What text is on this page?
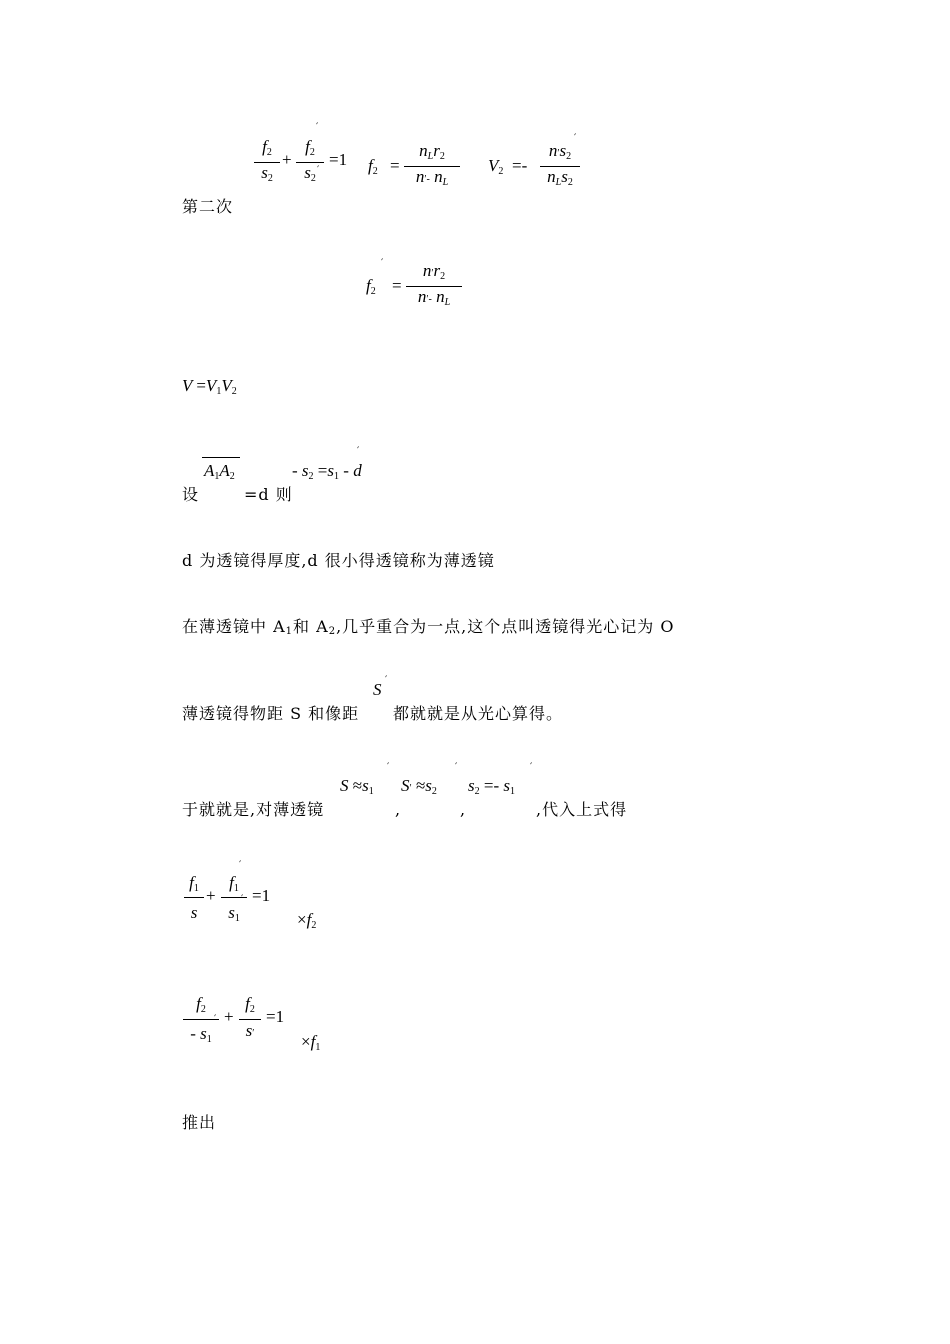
$f_2$
$s_2$
+
$f_2$
$s_2$
′
′
=1 $f_2$ =
nLr$_2$
n′- nL
$V_2$ =-
$n's_2$
nLs$_2$
′
第二次
$f_2$
′
=
$n'r_2$
n′- nL
$V =V_1V_2$
$A_1A_2$	- $s_2 =s_1 - d$
′
设	=d 则
d 为透镜得厚度,d 很小得透镜称为薄透镜
在薄透镜中 A1和 A2,几乎重合为一点,这个点叫透镜得光心记为 O
S ′
薄透镜得物距 S 和像距 都就就是从光心算得。
$S \approx s_1$
′
$S' \approx s_2$
′
$s_2 =- s_1$
′
于就就是,对薄透镜	,	,	,代入上式得
$f_1$
s
+
$f_1$
$s_1$
′
′ =1
$\times f_2$
$f_2$
- $s_1$
′ +
$f_2$
s′
=1
$\times f_1$
推出
